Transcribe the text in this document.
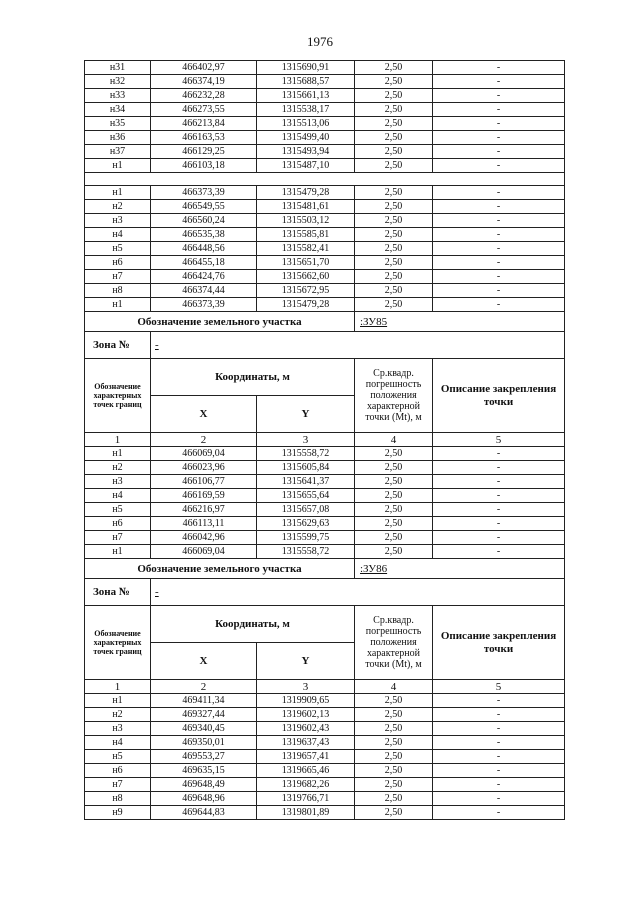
1976
н31	466402,97	1315690,91	2,50	-
н32	466374,19	1315688,57	2,50	-
н33	466232,28	1315661,13	2,50	-
н34	466273,55	1315538,17	2,50	-
н35	466213,84	1315513,06	2,50	-
н36	466163,53	1315499,40	2,50	-
н37	466129,25	1315493,94	2,50	-
н1	466103,18	1315487,10	2,50	-

н1	466373,39	1315479,28	2,50	-
н2	466549,55	1315481,61	2,50	-
н3	466560,24	1315503,12	2,50	-
н4	466535,38	1315585,81	2,50	-
н5	466448,56	1315582,41	2,50	-
н6	466455,18	1315651,70	2,50	-
н7	466424,76	1315662,60	2,50	-
н8	466374,44	1315672,95	2,50	-
н1	466373,39	1315479,28	2,50	-
Обозначение земельного участка			:ЗУ85	
Зона №	-			
Обозначение характерных точек границ	Координаты, м		Ср.квадр. погрешность положения характерной точки (Mt), м	Описание закрепления точки
	X	Y		
1	2	3	4	5
н1	466069,04	1315558,72	2,50	-
н2	466023,96	1315605,84	2,50	-
н3	466106,77	1315641,37	2,50	-
н4	466169,59	1315655,64	2,50	-
н5	466216,97	1315657,08	2,50	-
н6	466113,11	1315629,63	2,50	-
н7	466042,96	1315599,75	2,50	-
н1	466069,04	1315558,72	2,50	-
Обозначение земельного участка			:ЗУ86	
Зона №	-			
Обозначение характерных точек границ	Координаты, м		Ср.квадр. погрешность положения характерной точки (Mt), м	Описание закрепления точки
	X	Y		
1	2	3	4	5
н1	469411,34	1319909,65	2,50	-
н2	469327,44	1319602,13	2,50	-
н3	469340,45	1319602,43	2,50	-
н4	469350,01	1319637,43	2,50	-
н5	469553,27	1319657,41	2,50	-
н6	469635,15	1319665,46	2,50	-
н7	469648,49	1319682,26	2,50	-
н8	469648,96	1319766,71	2,50	-
н9	469644,83	1319801,89	2,50	-
